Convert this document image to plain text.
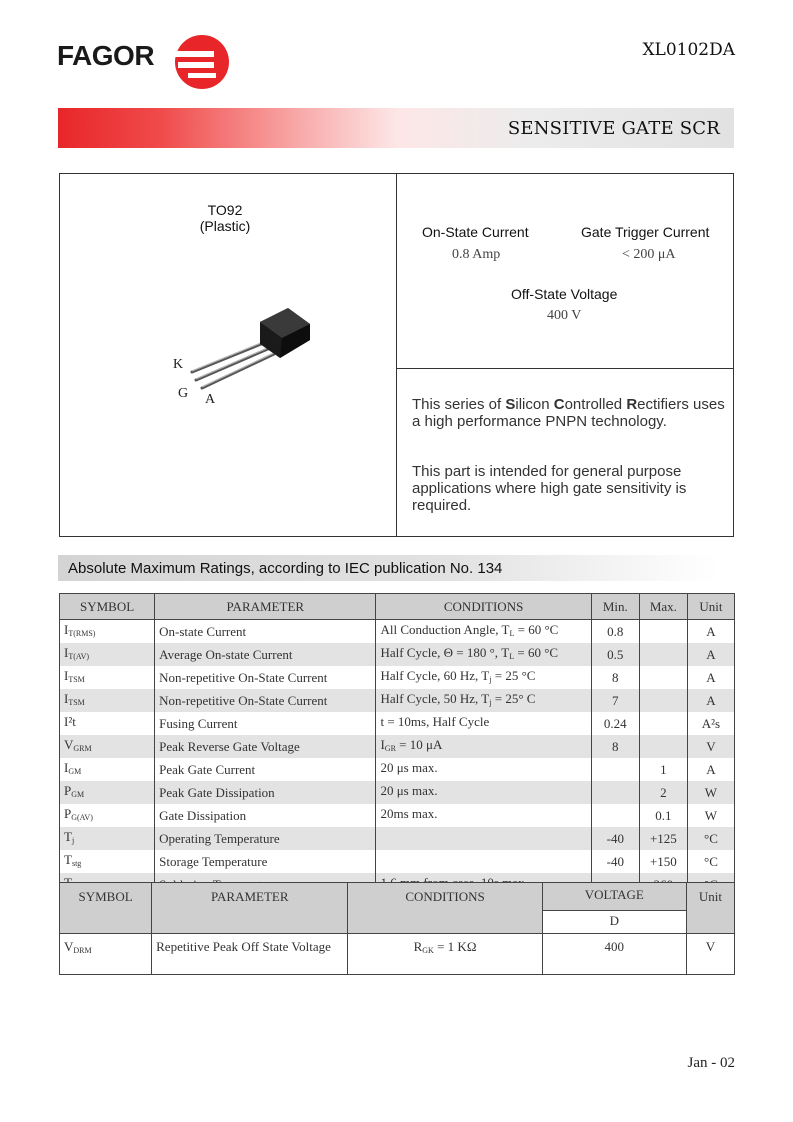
FAGOR	XL0102DA
SENSITIVE GATE SCR
TO92
(Plastic)
K
G A
On-State Current
0.8 Amp
Gate Trigger Current
< 200 μA
Off-State Voltage
400 V

This series of Silicon Controlled Rectifiers uses a high performance PNPN technology.

This part is intended for general purpose applications where high gate sensitivity is required.

Absolute Maximum Ratings, according to IEC publication No. 134
SYMBOL	PARAMETER	CONDITIONS	Min.	Max.	Unit
$I_{T(RMS)}$	On-state Current	All Conduction Angle, $T_L = 60$ °C	0.8		A
$I_{T(AV)}$	Average On-state Current	Half Cycle, Θ = 180 °, $T_L = 60$ °C	0.5		A
$I_{TSM}$	Non-repetitive On-State Current	Half Cycle, 60 Hz, $T_j = 25$ °C	8		A
$I_{TSM}$	Non-repetitive On-State Current	Half Cycle, 50 Hz, $T_j = 25^\circ$ C	7		A
I²t	Fusing Current	t = 10ms, Half Cycle	0.24		A²s
$V_{GRM}$	Peak Reverse Gate Voltage	$I_{GR} = 10$ μA	8		V
$I_{GM}$	Peak Gate Current	20 μs max.		1	A
$P_{GM}$	Peak Gate Dissipation	20 μs max.		2	W
$P_{G(AV)}$	Gate Dissipation	20ms max.		0.1	W
$T_j$	Operating Temperature		-40	+125	°C
$T_{stg}$	Storage Temperature		-40	+150	°C

SYMBOL	PARAMETER	CONDITIONS	VOLTAGE	Unit
			D	
$V_{DRM}$	Repetitive Peak Off State Voltage	$R_{GK} = 1$ KΩ	400	V
Jan - 02
